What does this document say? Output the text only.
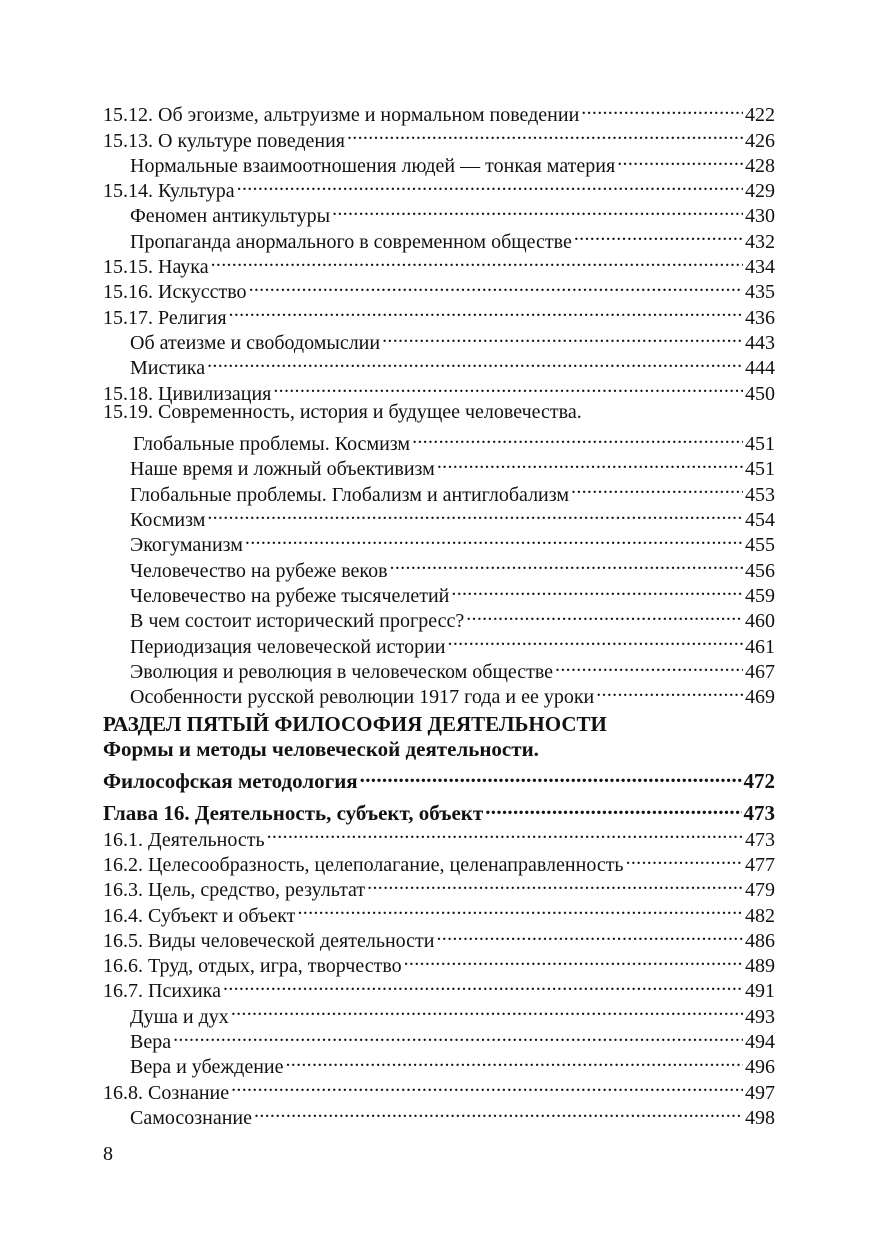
15.12. Об эгоизме, альтруизме и нормальном поведении .....	422
15.13. О культуре поведения .....	426
Нормальные взаимоотношения людей — тонкая материя .....	428
15.14. Культура .....	429
Феномен антикультуры .....	430
Пропаганда анормального в современном обществе .....	432
15.15. Наука .....	434
15.16. Искусство .....	435
15.17. Религия .....	436
Об атеизме и свободомыслии .....	443
Мистика .....	444
15.18. Цивилизация .....	450
15.19. Современность, история и будущее человечества.
Глобальные проблемы. Космизм .....	451
Наше время и ложный объективизм .....	451
Глобальные проблемы. Глобализм и антиглобализм .....	453
Космизм .....	454
Экогуманизм .....	455
Человечество на рубеже веков .....	456
Человечество на рубеже тысячелетий .....	459
В чем состоит исторический прогресс? .....	460
Периодизация человеческой истории .....	461
Эволюция и революция в человеческом обществе .....	467
Особенности русской революции 1917 года и ее уроки .....	469
РАЗДЕЛ ПЯТЫЙ ФИЛОСОФИЯ ДЕЯТЕЛЬНОСТИ
Формы и методы человеческой деятельности.
Философская методология .....	472
Глава 16. Деятельность, субъект, объект .....	473
16.1. Деятельность .....	473
16.2. Целесообразность, целеполагание, целенаправленность .....	477
16.3. Цель, средство, результат .....	479
16.4. Субъект и объект .....	482
16.5. Виды человеческой деятельности .....	486
16.6. Труд, отдых, игра, творчество .....	489
16.7. Психика .....	491
Душа и дух .....	493
Вера .....	494
Вера и убеждение .....	496
16.8. Сознание .....	497
Самосознание .....	498
8
